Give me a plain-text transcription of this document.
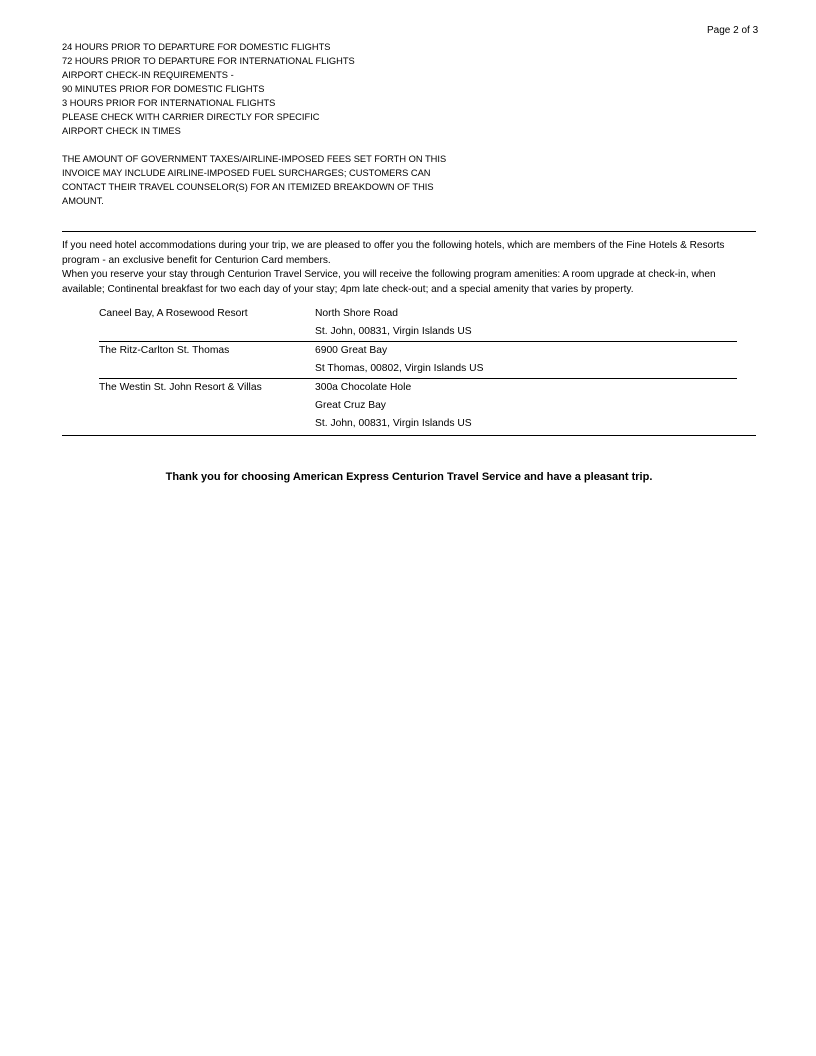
Page 2 of 3
24 HOURS PRIOR TO DEPARTURE FOR DOMESTIC FLIGHTS
72 HOURS PRIOR TO DEPARTURE FOR INTERNATIONAL FLIGHTS
AIRPORT CHECK-IN REQUIREMENTS -
90 MINUTES PRIOR FOR DOMESTIC FLIGHTS
3 HOURS PRIOR FOR INTERNATIONAL FLIGHTS
PLEASE CHECK WITH CARRIER DIRECTLY FOR SPECIFIC
AIRPORT CHECK IN TIMES
THE AMOUNT OF GOVERNMENT TAXES/AIRLINE-IMPOSED FEES SET FORTH ON THIS
INVOICE MAY INCLUDE AIRLINE-IMPOSED FUEL SURCHARGES; CUSTOMERS CAN
CONTACT THEIR TRAVEL COUNSELOR(S) FOR AN ITEMIZED BREAKDOWN OF THIS
AMOUNT.

If you need hotel accommodations during your trip, we are pleased to offer you the following hotels, which are members of the Fine Hotels & Resorts program - an exclusive benefit for Centurion Card members.

When you reserve your stay through Centurion Travel Service, you will receive the following program amenities: A room upgrade at check-in, when available; Continental breakfast for two each day of your stay; 4pm late check-out; and a special amenity that varies by property.

Caneel Bay, A Rosewood Resort	North Shore Road
St. John, 00831, Virgin Islands US

The Ritz-Carlton St. Thomas	6900 Great Bay
St Thomas, 00802, Virgin Islands US

The Westin St. John Resort & Villas	300a Chocolate Hole
Great Cruz Bay
St. John, 00831, Virgin Islands US
Thank you for choosing American Express Centurion Travel Service and have a pleasant trip.
